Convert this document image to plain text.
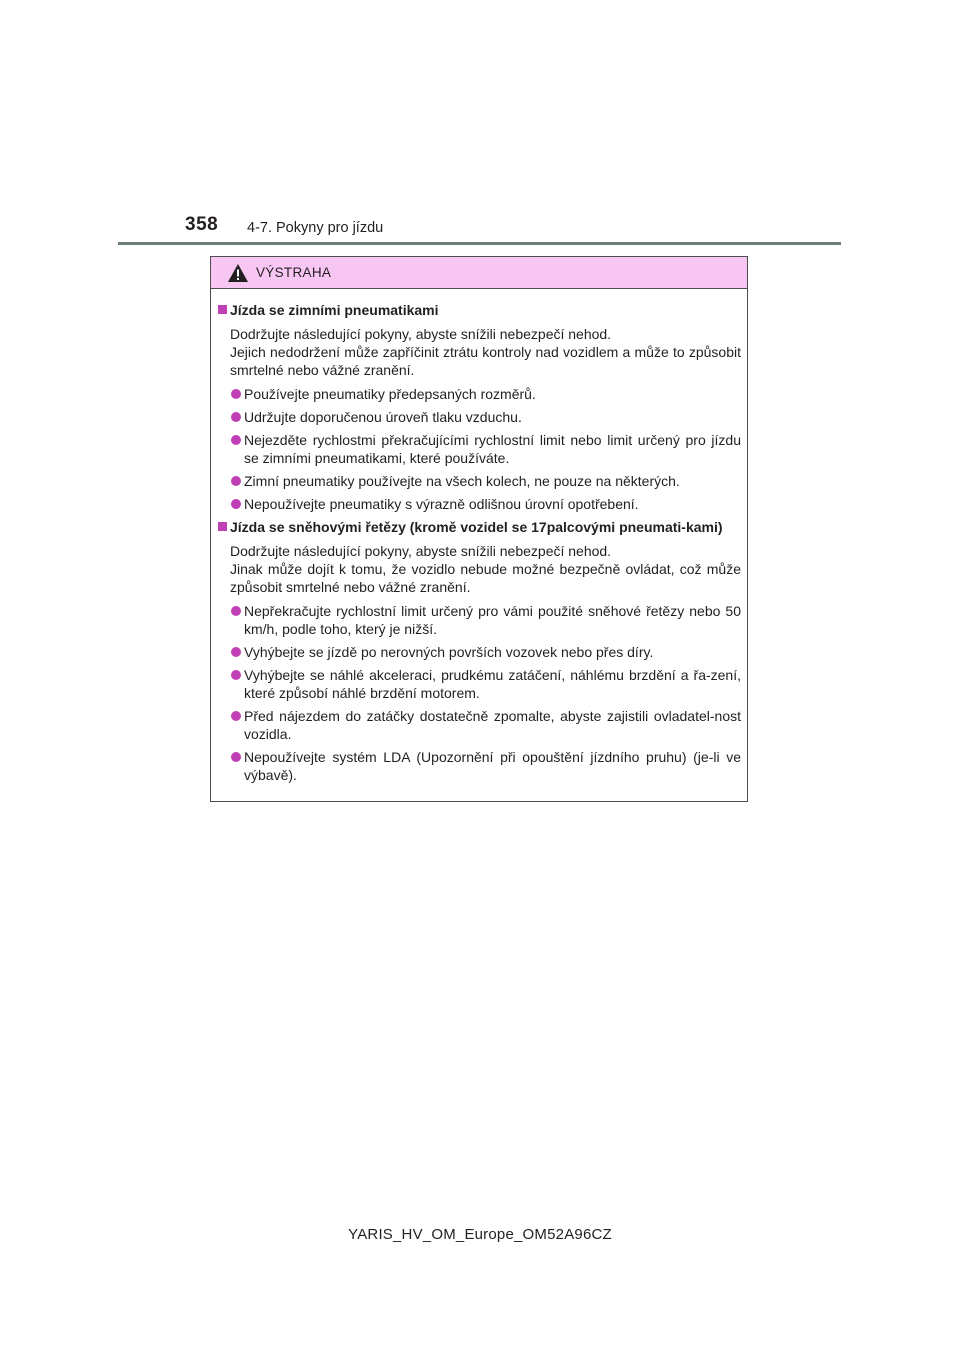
358 4-7. Pokyny pro jízdu
VÝSTRAHA
Jízda se zimními pneumatikami
Dodržujte následující pokyny, abyste snížili nebezpečí nehod.
Jejich nedodržení může zapříčinit ztrátu kontroly nad vozidlem a může to způsobit smrtelné nebo vážné zranění.
Používejte pneumatiky předepsaných rozměrů.
Udržujte doporučenou úroveň tlaku vzduchu.
Nejezděte rychlostmi překračujícími rychlostní limit nebo limit určený pro jízdu se zimními pneumatikami, které používáte.
Zimní pneumatiky používejte na všech kolech, ne pouze na některých.
Nepoužívejte pneumatiky s výrazně odlišnou úrovní opotřebení.
Jízda se sněhovými řetězy (kromě vozidel se 17palcovými pneumati-kami)
Dodržujte následující pokyny, abyste snížili nebezpečí nehod.
Jinak může dojít k tomu, že vozidlo nebude možné bezpečně ovládat, což může způsobit smrtelné nebo vážné zranění.
Nepřekračujte rychlostní limit určený pro vámi použité sněhové řetězy nebo 50 km/h, podle toho, který je nižší.
Vyhýbejte se jízdě po nerovných površích vozovek nebo přes díry.
Vyhýbejte se náhlé akceleraci, prudkému zatáčení, náhlému brzdění a řa-zení, které způsobí náhlé brzdění motorem.
Před nájezdem do zatáčky dostatečně zpomalte, abyste zajistili ovladatel-nost vozidla.
Nepoužívejte systém LDA (Upozornění při opouštění jízdního pruhu) (je-li ve výbavě).
YARIS_HV_OM_Europe_OM52A96CZ
